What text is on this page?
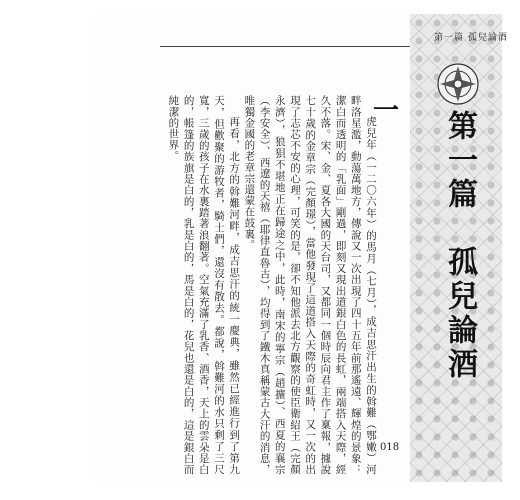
第一篇 孤兒論酒
第一篇　孤兒論酒
一

虎兒年（一二〇六年）的馬月（七月），成吉思汗出生的斡難（鄂嫩）河畔洛星濫，動蕩萬地方，傳說又一次出現了四十五年前那遙遠、輝煌的景象：潔白而透明的「乳面」剛過，即刻又現出道銀白色的長虹，兩端搭入天際，經久不落。宋、金、夏各大國的天台司，又都同一個時辰向君主作了稟報，據說七十歲的金章宗（完顏璟），當他發現了這道搭入天際的奇虹時，又一次的出現了志芯不安的心理，可笑的是，卻不知他派去北方觀察的使臣衛紹王（完顏永濟），狼狽不堪地正在歸途之中，此時，南宋的寧宗（趙擴）、西夏的襄宗（李安全）、西遼的天禧（耶律直魯古），均得到了鐵木真稱蒙古大汗的消息，唯獨金國的老章宗還蒙在鼓裏。

再看，北方的斡難河畔，成吉思汗的統一慶典，雖然已經進行到了第九天，但歡聚的游牧者，騎士們，還沒有散去。都說，斡難河的水只剩了三尺寬，三歲的孩子在水裏踏著浪翻著。空氣充滿了乳香、酒香，天上的雲朵是白的，帳篷的族旗是白的，乳是白的，馬是白的，花兒也還是白的，這是銀白而純潔的世界。

018
